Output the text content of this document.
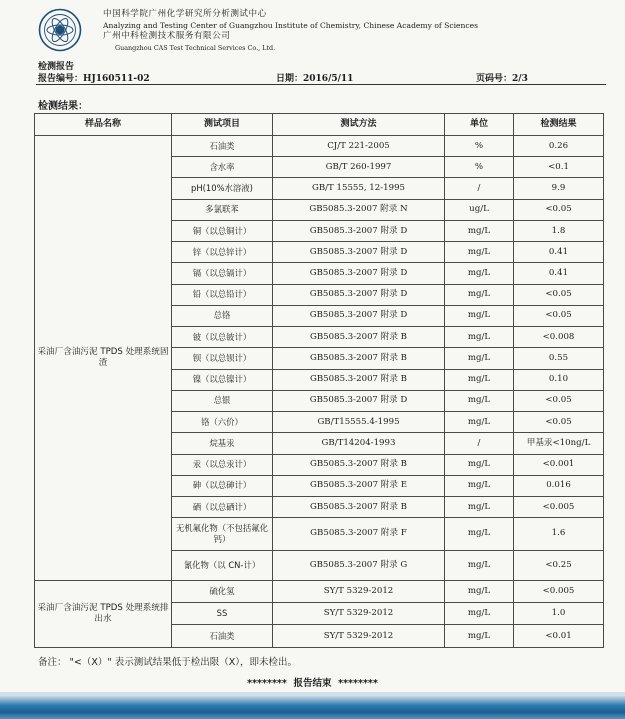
中国科学院广州化学研究所分析测试中心
Analyzing and Testing Center of Guangzhou Institute of Chemistry, Chinese Academy of Sciences
广州中科检测技术服务有限公司
Guangzhou CAS Test Technical Services Co., Ltd.
检测报告
报告编号：HJ160511-02	日期：2016/5/11	页码号：2/3
检测结果：
样品名称	测试项目	测试方法	单位	检测结果
采油厂含油污泥 TPDS 处理系统固渣	石油类	CJ/T 221-2005	%	0.26
	含水率	GB/T 260-1997	%	<0.1
	pH(10%水溶液)	GB/T 15555, 12-1995	/	9.9
	多氯联苯	GB5085.3-2007 附录 N	ug/L	<0.05
	铜（以总铜计）	GB5085.3-2007 附录 D	mg/L	1.8
	锌（以总锌计）	GB5085.3-2007 附录 D	mg/L	0.41
	镉（以总镉计）	GB5085.3-2007 附录 D	mg/L	0.41
	铅（以总铅计）	GB5085.3-2007 附录 D	mg/L	<0.05
	总铬	GB5085.3-2007 附录 D	mg/L	<0.05
	铍（以总铍计）	GB5085.3-2007 附录 B	mg/L	<0.008
	钡（以总钡计）	GB5085.3-2007 附录 B	mg/L	0.55
	镍（以总镍计）	GB5085.3-2007 附录 B	mg/L	0.10
	总银	GB5085.3-2007 附录 D	mg/L	<0.05
	铬（六价）	GB/T15555.4-1995	mg/L	<0.05
	烷基汞	GB/T14204-1993	/	甲基汞<10ng/L
	汞（以总汞计）	GB5085.3-2007 附录 B	mg/L	<0.001
	砷（以总砷计）	GB5085.3-2007 附录 E	mg/L	0.016
	硒（以总硒计）	GB5085.3-2007 附录 B	mg/L	<0.005
	无机氟化物（不包括氟化钙）	GB5085.3-2007 附录 F	mg/L	1.6
	氰化物（以 CN-计）	GB5085.3-2007 附录 G	mg/L	<0.25
采油厂含油污泥 TPDS 处理系统排出水	硫化氢	SY/T 5329-2012	mg/L	<0.005
	SS	SY/T 5329-2012	mg/L	1.0
	石油类	SY/T 5329-2012	mg/L	<0.01
备注： "<（X）" 表示测试结果低于检出限（X），即未检出。
******** 报告结束 ********
